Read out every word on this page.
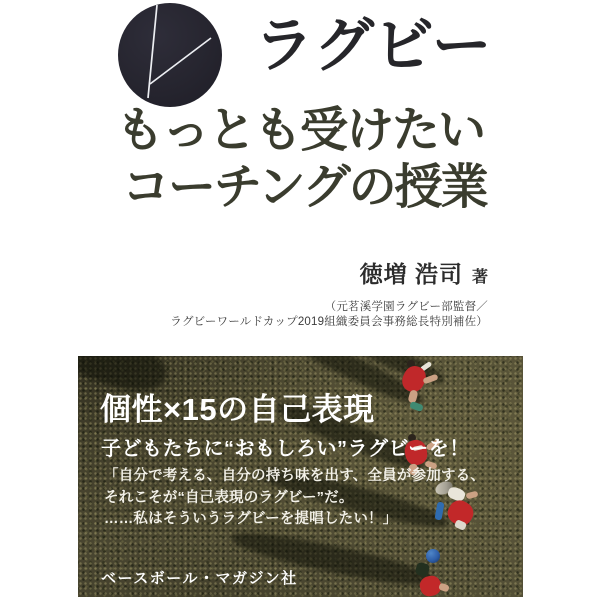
ラグビー
もっとも受けたい
コーチングの授業
徳増 浩司 著
（元茗溪学園ラグビー部監督／
ラグビーワールドカップ2019組織委員会事務総長特別補佐）
個性×15の自己表現
子どもたちに“おもしろい”ラグビーを！
「自分で考える、自分の持ち味を出す、全員が参加する、
それこそが“自己表現のラグビー”だ。
……私はそういうラグビーを提唱したい！」
ベースボール・マガジン社
